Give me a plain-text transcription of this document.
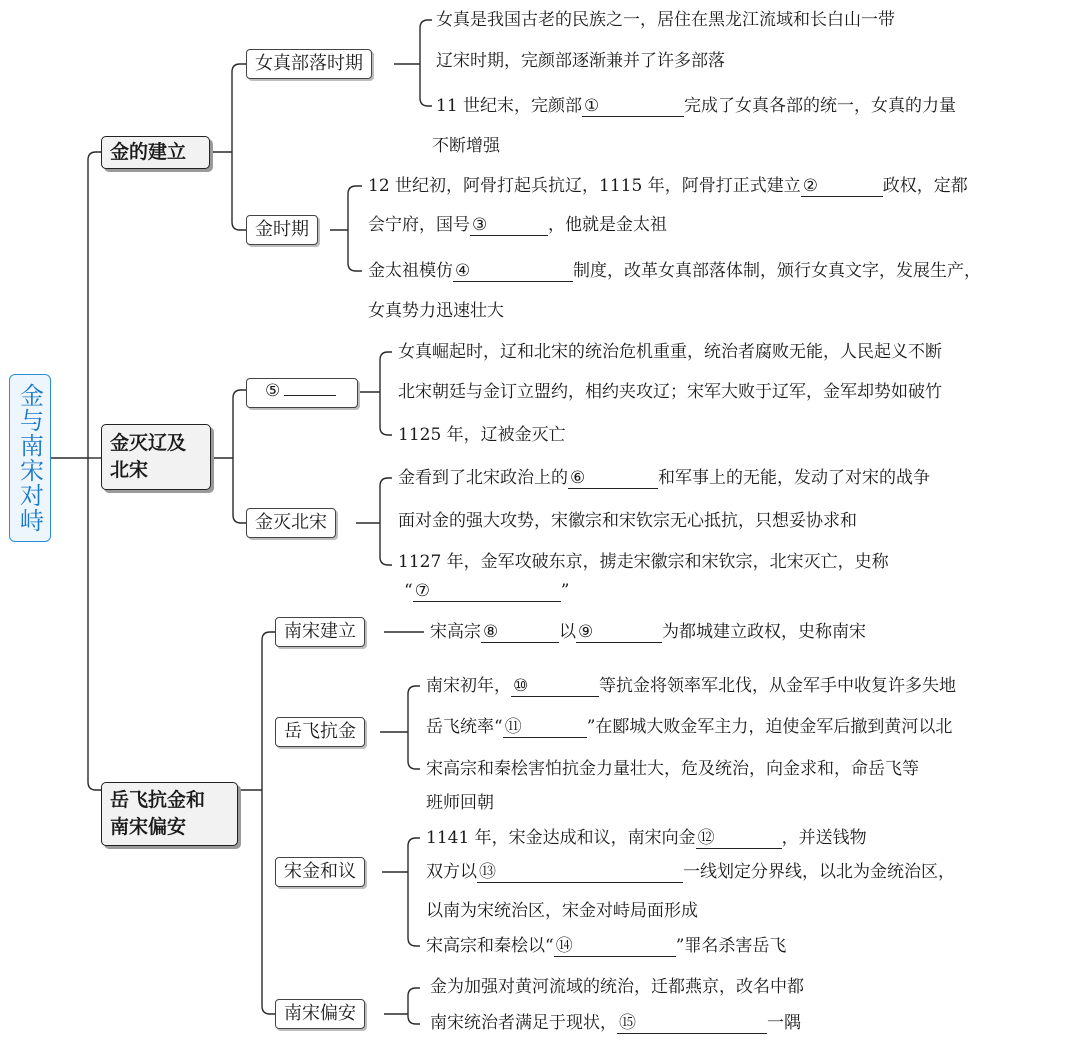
金与南宋对峙
金的建立
金灭辽及
北宋
岳飞抗金和
南宋偏安
女真部落时期
金时期
⑤
金灭北宋
南宋建立
岳飞抗金
宋金和议
南宋偏安
女真是我国古老的民族之一，居住在黑龙江流域和长白山一带
辽宋时期，完颜部逐渐兼并了许多部落
11 世纪末，完颜部 ①	完成了女真各部的统一，女真的力量
不断增强
12 世纪初，阿骨打起兵抗辽，1115 年，阿骨打正式建立 ②	政权，定都
会宁府，国号 ③	，他就是金太祖
金太祖模仿 ④	制度，改革女真部落体制，颁行女真文字，发展生产，
女真势力迅速壮大
女真崛起时，辽和北宋的统治危机重重，统治者腐败无能，人民起义不断
北宋朝廷与金订立盟约，相约夹攻辽；宋军大败于辽军，金军却势如破竹
1125 年，辽被金灭亡
金看到了北宋政治上的 ⑥	和军事上的无能，发动了对宋的战争
面对金的强大攻势，宋徽宗和宋钦宗无心抵抗，只想妥协求和
1127 年，金军攻破东京，掳走宋徽宗和宋钦宗，北宋灭亡，史称
“ ⑦	”
宋高宗 ⑧	以 ⑨	为都城建立政权，史称南宋
南宋初年， ⑩	等抗金将领率军北伐，从金军手中收复许多失地
岳飞统率“ ⑪	”在郾城大败金军主力，迫使金军后撤到黄河以北
宋高宗和秦桧害怕抗金力量壮大，危及统治，向金求和，命岳飞等
班师回朝
1141 年，宋金达成和议，南宋向金 ⑫	，并送钱物
双方以 ⑬	一线划定分界线，以北为金统治区，
以南为宋统治区，宋金对峙局面形成
宋高宗和秦桧以“ ⑭	”罪名杀害岳飞
金为加强对黄河流域的统治，迁都燕京，改名中都
南宋统治者满足于现状， ⑮	一隅
